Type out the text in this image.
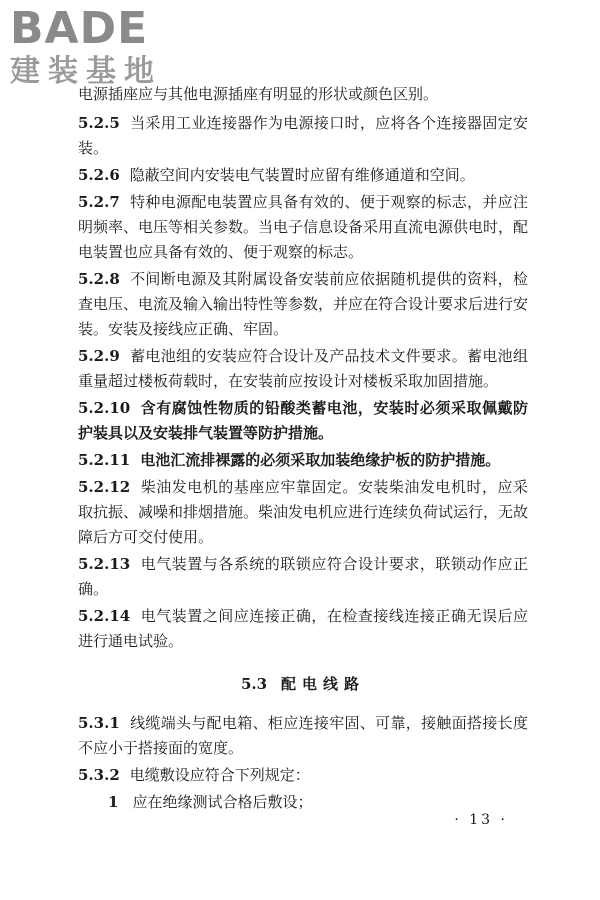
BADE
建装基地

电源插座应与其他电源插座有明显的形状或颜色区别。

5.2.5 当采用工业连接器作为电源接口时，应将各个连接器固定安装。

5.2.6 隐蔽空间内安装电气装置时应留有维修通道和空间。

5.2.7 特种电源配电装置应具备有效的、便于观察的标志，并应注明频率、电压等相关参数。当电子信息设备采用直流电源供电时，配电装置也应具备有效的、便于观察的标志。

5.2.8 不间断电源及其附属设备安装前应依据随机提供的资料，检查电压、电流及输入输出特性等参数，并应在符合设计要求后进行安装。安装及接线应正确、牢固。

5.2.9 蓄电池组的安装应符合设计及产品技术文件要求。蓄电池组重量超过楼板荷载时，在安装前应按设计对楼板采取加固措施。

5.2.10 含有腐蚀性物质的铅酸类蓄电池，安装时必须采取佩戴防护装具以及安装排气装置等防护措施。

5.2.11 电池汇流排裸露的必须采取加装绝缘护板的防护措施。

5.2.12 柴油发电机的基座应牢靠固定。安装柴油发电机时，应采取抗振、减噪和排烟措施。柴油发电机应进行连续负荷试运行，无故障后方可交付使用。

5.2.13 电气装置与各系统的联锁应符合设计要求，联锁动作应正确。

5.2.14 电气装置之间应连接正确，在检查接线连接正确无误后应进行通电试验。

5.3 配电线路

5.3.1 线缆端头与配电箱、柜应连接牢固、可靠，接触面搭接长度不应小于搭接面的宽度。

5.3.2 电缆敷设应符合下列规定：

1 应在绝缘测试合格后敷设；
· 13 ·
